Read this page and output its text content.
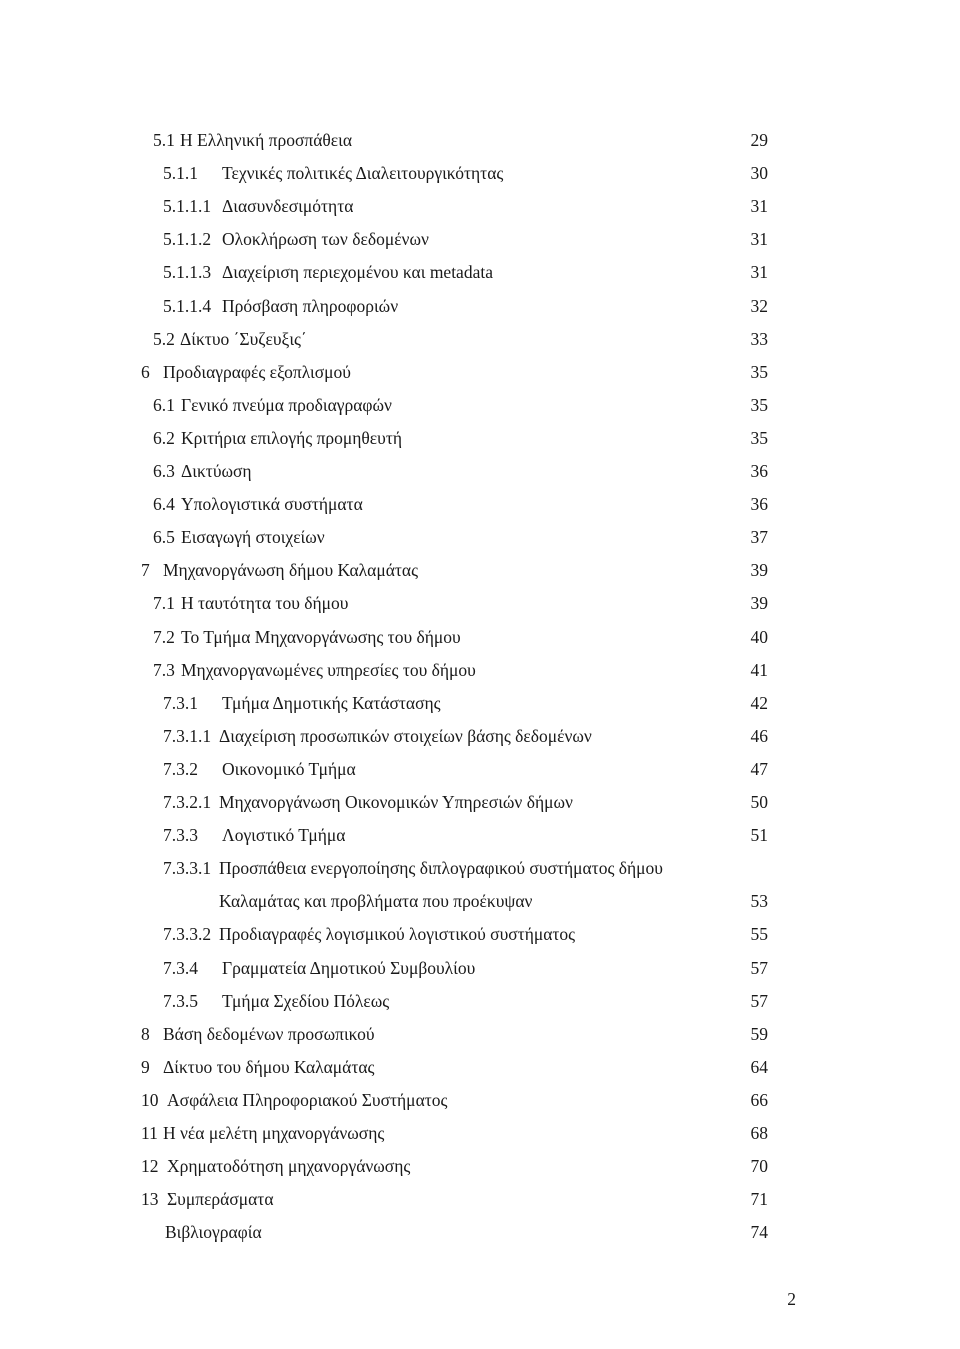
5.1 Η Ελληνική προσπάθεια	29
5.1.1 Τεχνικές πολιτικές Διαλειτουργικότητας	30
5.1.1.1 Διασυνδεσιμότητα	31
5.1.1.2 Ολοκλήρωση των δεδομένων	31
5.1.1.3 Διαχείριση περιεχομένου και metadata	31
5.1.1.4 Πρόσβαση πληροφοριών	32
5.2 Δίκτυο ΄Συζευξις΄	33
6 Προδιαγραφές εξοπλισμού	35
6.1 Γενικό πνεύμα προδιαγραφών	35
6.2 Κριτήρια επιλογής προμηθευτή	35
6.3 Δικτύωση	36
6.4 Υπολογιστικά συστήματα	36
6.5 Εισαγωγή στοιχείων	37
7 Μηχανοργάνωση δήμου Καλαμάτας	39
7.1 Η ταυτότητα του δήμου	39
7.2 Το Τμήμα Μηχανοργάνωσης του δήμου	40
7.3 Μηχανοργανωμένες υπηρεσίες του δήμου	41
7.3.1 Τμήμα Δημοτικής Κατάστασης	42
7.3.1.1 Διαχείριση προσωπικών στοιχείων βάσης δεδομένων	46
7.3.2 Οικονομικό Τμήμα	47
7.3.2.1 Μηχανοργάνωση Οικονομικών Υπηρεσιών δήμων	50
7.3.3 Λογιστικό Τμήμα	51
7.3.3.1 Προσπάθεια ενεργοποίησης διπλογραφικού συστήματος δήμου
Καλαμάτας και προβλήματα που προέκυψαν	53
7.3.3.2 Προδιαγραφές λογισμικού λογιστικού συστήματος	55
7.3.4 Γραμματεία Δημοτικού Συμβουλίου	57
7.3.5 Τμήμα Σχεδίου Πόλεως	57
8 Βάση δεδομένων προσωπικού	59
9 Δίκτυο του δήμου Καλαμάτας	64
10 Ασφάλεια Πληροφοριακού Συστήματος	66
11 Η νέα μελέτη μηχανοργάνωσης	68
12 Χρηματοδότηση μηχανοργάνωσης	70
13 Συμπεράσματα	71
Βιβλιογραφία	74
2
